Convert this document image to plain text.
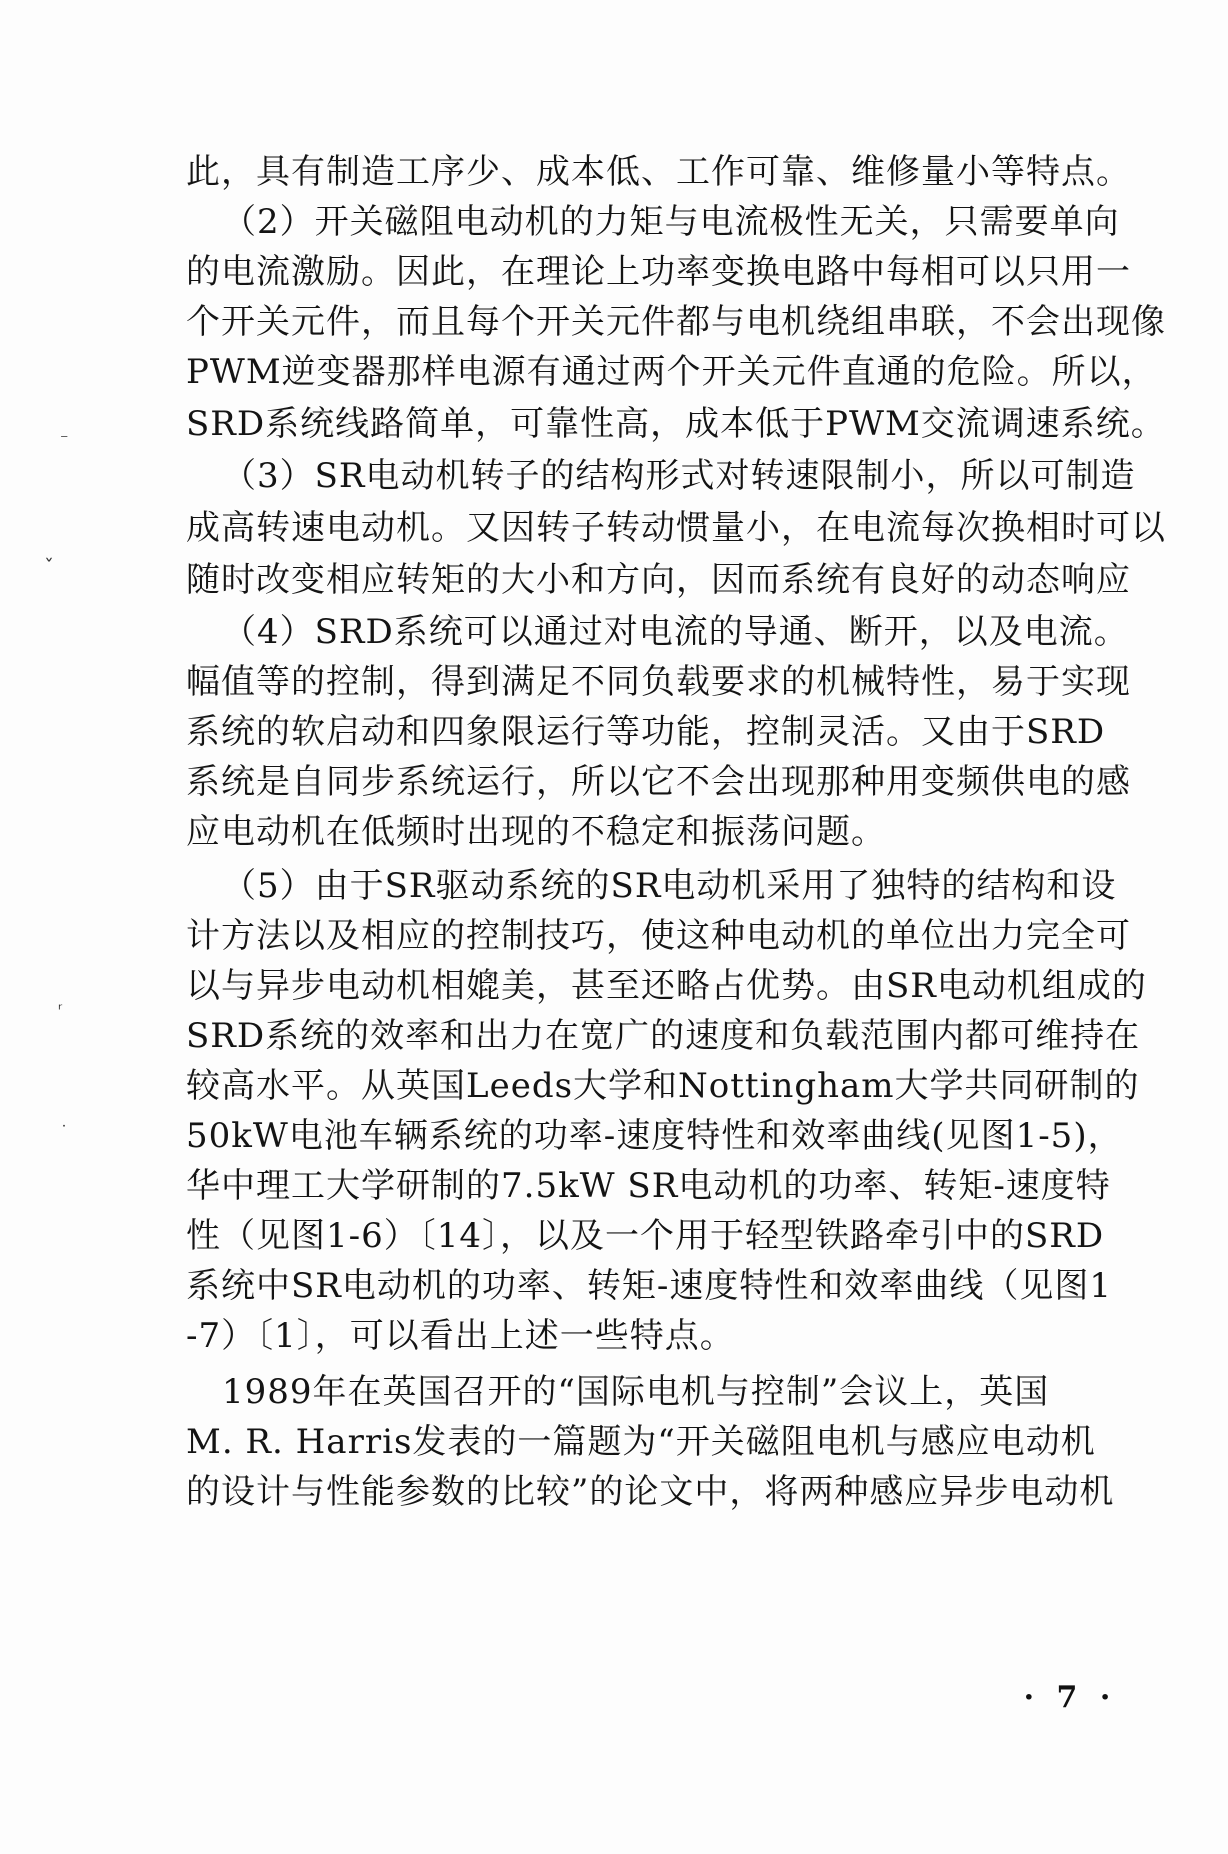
⁻
ˇ
ʳ
˙
此，具有制造工序少、成本低、工作可靠、维修量小等特点。
（2）开关磁阻电动机的力矩与电流极性无关，只需要单向
的电流激励。因此，在理论上功率变换电路中每相可以只用一
个开关元件，而且每个开关元件都与电机绕组串联，不会出现像
PWM逆变器那样电源有通过两个开关元件直通的危险。所以，
SRD系统线路简单，可靠性高，成本低于PWM交流调速系统。
（3）SR电动机转子的结构形式对转速限制小，所以可制造
成高转速电动机。又因转子转动惯量小，在电流每次换相时可以
随时改变相应转矩的大小和方向，因而系统有良好的动态响应
（4）SRD系统可以通过对电流的导通、断开，以及电流。
幅值等的控制，得到满足不同负载要求的机械特性，易于实现
系统的软启动和四象限运行等功能，控制灵活。又由于SRD
系统是自同步系统运行，所以它不会出现那种用变频供电的感
应电动机在低频时出现的不稳定和振荡问题。
（5）由于SR驱动系统的SR电动机采用了独特的结构和设
计方法以及相应的控制技巧，使这种电动机的单位出力完全可
以与异步电动机相媲美，甚至还略占优势。由SR电动机组成的
SRD系统的效率和出力在宽广的速度和负载范围内都可维持在
较高水平。从英国Leeds大学和Nottingham大学共同研制的
50kW电池车辆系统的功率-速度特性和效率曲线(见图1-5)，
华中理工大学研制的7.5kW SR电动机的功率、转矩-速度特
性（见图1-6）〔14〕，以及一个用于轻型铁路牵引中的SRD
系统中SR电动机的功率、转矩-速度特性和效率曲线（见图1
-7）〔1〕，可以看出上述一些特点。
1989年在英国召开的“国际电机与控制”会议上，英国
M. R. Harris发表的一篇题为“开关磁阻电机与感应电动机
的设计与性能参数的比较”的论文中，将两种感应异步电动机
· 7 ·
